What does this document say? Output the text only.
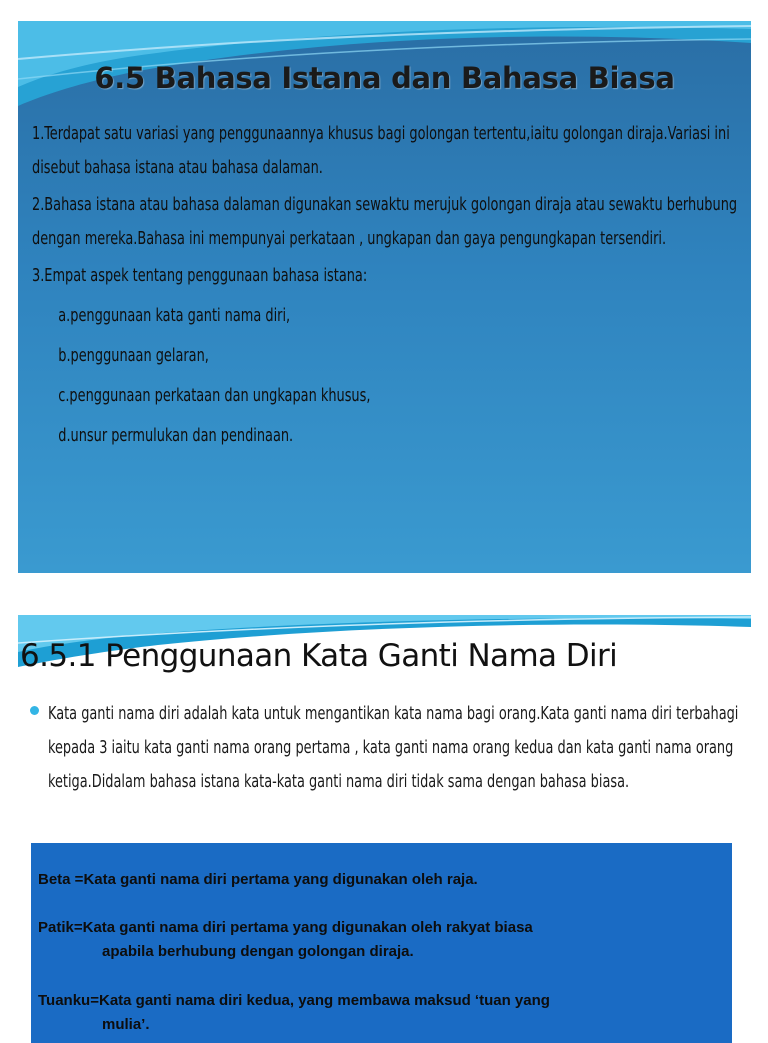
6.5 Bahasa Istana dan Bahasa Biasa

1.Terdapat satu variasi yang penggunaannya khusus bagi golongan tertentu,iaitu golongan diraja.Variasi ini disebut bahasa istana atau bahasa dalaman.

2.Bahasa istana atau bahasa dalaman digunakan sewaktu merujuk golongan diraja atau sewaktu berhubung dengan mereka.Bahasa ini mempunyai perkataan , ungkapan dan gaya pengungkapan tersendiri.

3.Empat aspek tentang penggunaan bahasa istana:

a.penggunaan kata ganti nama diri,

b.penggunaan gelaran,

c.penggunaan perkataan dan ungkapan khusus,

d.unsur permulukan dan pendinaan.

6.5.1 Penggunaan Kata Ganti Nama Diri
Kata ganti nama diri adalah kata untuk mengantikan kata nama bagi orang.Kata ganti nama diri terbahagi kepada 3 iaitu kata ganti nama orang pertama , kata ganti nama orang kedua dan kata ganti nama orang ketiga.Didalam bahasa istana kata-kata ganti nama diri tidak sama dengan bahasa biasa.

Beta =Kata ganti nama diri pertama yang digunakan oleh raja.

Patik=Kata ganti nama diri pertama yang digunakan oleh rakyat biasa
apabila berhubung dengan golongan diraja.

Tuanku=Kata ganti nama diri kedua, yang membawa maksud ‘tuan yang
mulia’.
